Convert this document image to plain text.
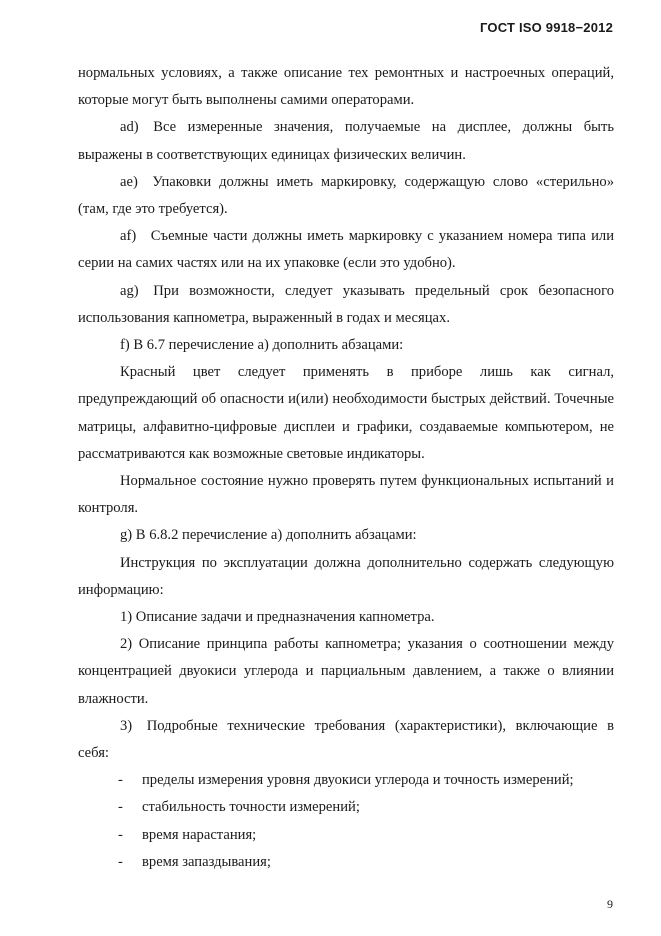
ГОСТ ISO 9918−2012

нормальных условиях, а также описание тех ремонтных и настроечных операций, которые могут быть выполнены самими операторами.

ad) Все измеренные значения, получаемые на дисплее, должны быть выражены в соответствующих единицах физических величин.

ae) Упаковки должны иметь маркировку, содержащую слово «стерильно» (там, где это требуется).

af) Съемные части должны иметь маркировку с указанием номера типа или серии на самих частях или на их упаковке (если это удобно).

ag) При возможности, следует указывать предельный срок безопасного использования капнометра, выраженный в годах и месяцах.

f) В 6.7 перечисление a) дополнить абзацами:

Красный цвет следует применять в приборе лишь как сигнал, предупреждающий об опасности и(или) необходимости быстрых действий. Точечные матрицы, алфавитно-цифровые дисплеи и графики, создаваемые компьютером, не рассматриваются как возможные световые индикаторы.

Нормальное состояние нужно проверять путем функциональных испытаний и контроля.

g) В 6.8.2 перечисление a) дополнить абзацами:

Инструкция по эксплуатации должна дополнительно содержать следующую информацию:

1) Описание задачи и предназначения капнометра.

2) Описание принципа работы капнометра; указания о соотношении между концентрацией двуокиси углерода и парциальным давлением, а также о влиянии влажности.

3) Подробные технические требования (характеристики), включающие в себя:

-	пределы измерения уровня двуокиси углерода и точность измерений;
-	стабильность точности измерений;
-	время нарастания;
-	время запаздывания;
9
